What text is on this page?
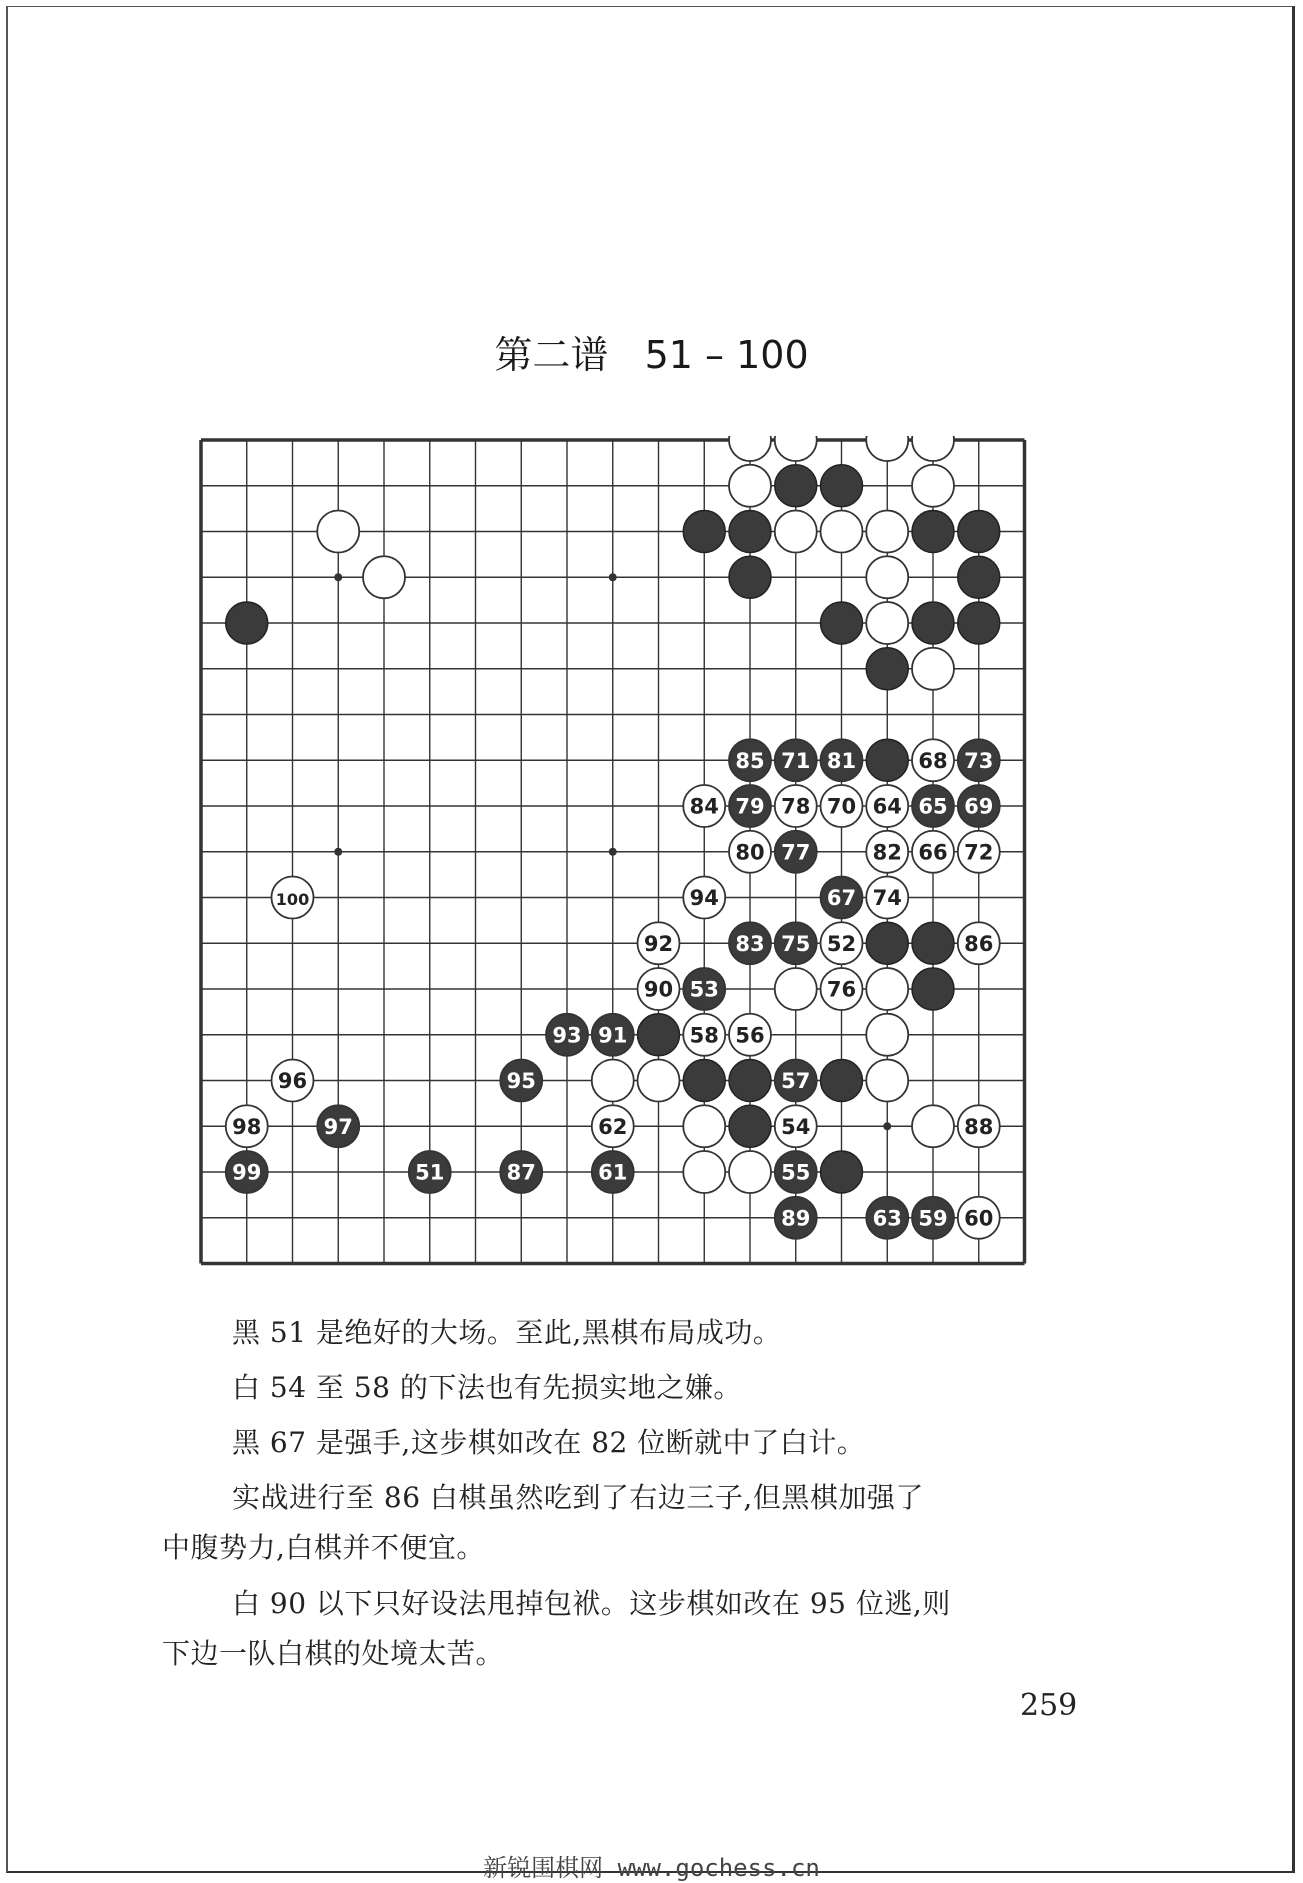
第二谱 51 – 100
51
52
53
54
55
56
57
58
59 60
61
62
63
64 65
66
67
68
69
70
71
72
73
74
75
76
77
78
79
80
81
82
83
84
85
86
87
88
89
90
91
92
93
94
95
96
97
98
99
100

黑 51 是绝好的大场。至此,黑棋布局成功。

白 54 至 58 的下法也有先损实地之嫌。

黑 67 是强手,这步棋如改在 82 位断就中了白计。

实战进行至 86 白棋虽然吃到了右边三子,但黑棋加强了

中腹势力,白棋并不便宜。

白 90 以下只好设法甩掉包袱。这步棋如改在 95 位逃,则

下边一队白棋的处境太苦。

259
新锐围棋网 www.gochess.cn
